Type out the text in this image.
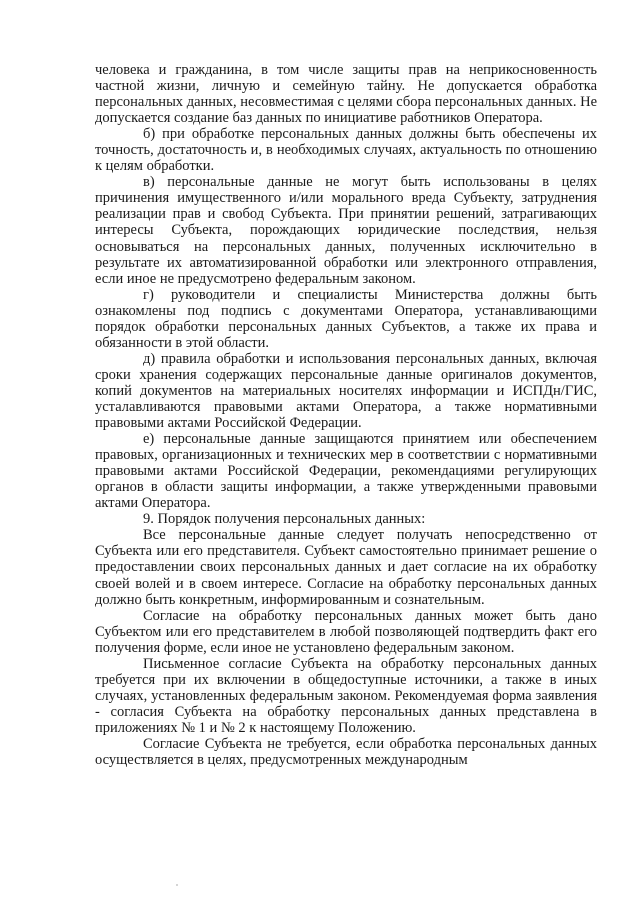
человека и гражданина, в том числе защиты прав на неприкосновенность частной жизни, личную и семейную тайну. Не допускается обработка персональных данных, несовместимая с целями сбора персональных данных. Не допускается создание баз данных по инициативе работников Оператора.

б) при обработке персональных данных должны быть обеспечены их точность, достаточность и, в необходимых случаях, актуальность по отношению к целям обработки.

в) персональные данные не могут быть использованы в целях причинения имущественного и/или морального вреда Субъекту, затруднения реализации прав и свобод Субъекта. При принятии решений, затрагивающих интересы Субъекта, порождающих юридические последствия, нельзя основываться на персональных данных, полученных исключительно в результате их автоматизированной обработки или электронного отправления, если иное не предусмотрено федеральным законом.

г) руководители и специалисты Министерства должны быть ознакомлены под подпись с документами Оператора, устанавливающими порядок обработки персональных данных Субъектов, а также их права и обязанности в этой области.

д) правила обработки и использования персональных данных, включая сроки хранения содержащих персональные данные оригиналов документов, копий документов на материальных носителях информации и ИСПДн/ГИС, усталавливаются правовыми актами Оператора, а также нормативными правовыми актами Российской Федерации.

е) персональные данные защищаются принятием или обеспечением правовых, организационных и технических мер в соответствии с нормативными правовыми актами Российской Федерации, рекомендациями регулирующих органов в области защиты информации, а также утвержденными правовыми актами Оператора.

9. Порядок получения персональных данных:

Все персональные данные следует получать непосредственно от Субъекта или его представителя. Субъект самостоятельно принимает решение о предоставлении своих персональных данных и дает согласие на их обработку своей волей и в своем интересе. Согласие на обработку персональных данных должно быть конкретным, информированным и сознательным.

Согласие на обработку персональных данных может быть дано Субъектом или его представителем в любой позволяющей подтвердить факт его получения форме, если иное не установлено федеральным законом.

Письменное согласие Субъекта на обработку персональных данных требуется при их включении в общедоступные источники, а также в иных случаях, установленных федеральным законом. Рекомендуемая форма заявления - согласия Субъекта на обработку персональных данных представлена в приложениях № 1 и № 2 к настоящему Положению.

Согласие Субъекта не требуется, если обработка персональных данных осуществляется в целях, предусмотренных международным
